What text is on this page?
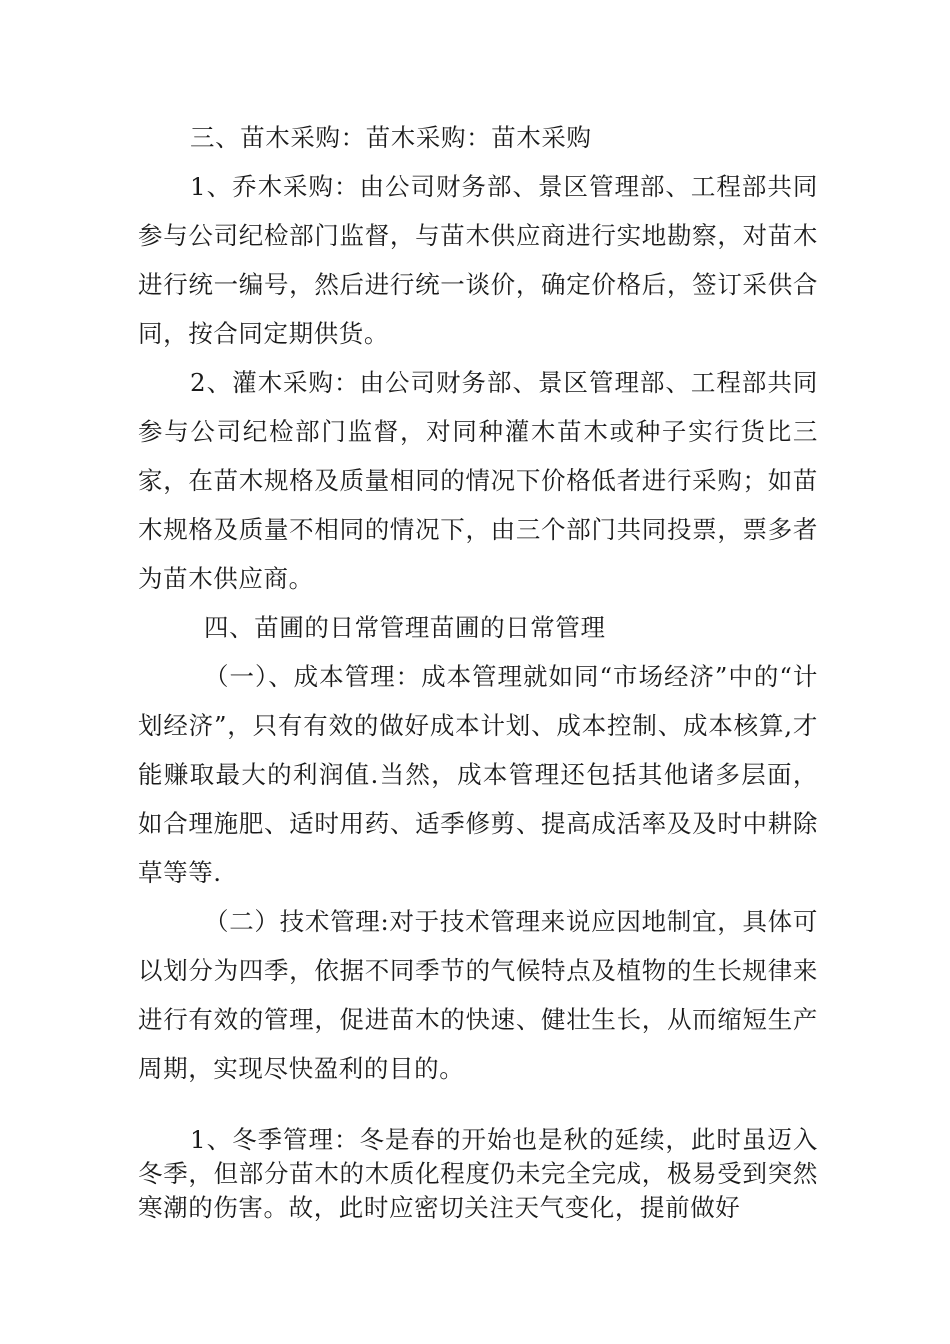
三、苗木采购：苗木采购：苗木采购

1、乔木采购：由公司财务部、景区管理部、工程部共同参与公司纪检部门监督，与苗木供应商进行实地勘察，对苗木进行统一编号，然后进行统一谈价，确定价格后，签订采供合同，按合同定期供货。

2、灌木采购：由公司财务部、景区管理部、工程部共同参与公司纪检部门监督，对同种灌木苗木或种子实行货比三家，在苗木规格及质量相同的情况下价格低者进行采购；如苗木规格及质量不相同的情况下，由三个部门共同投票，票多者为苗木供应商。

四、苗圃的日常管理苗圃的日常管理

（一）、成本管理：成本管理就如同“市场经济”中的“计划经济”，只有有效的做好成本计划、成本控制、成本核算,才能赚取最大的利润值.当然，成本管理还包括其他诸多层面，如合理施肥、适时用药、适季修剪、提高成活率及及时中耕除草等等.

（二）技术管理:对于技术管理来说应因地制宜，具体可以划分为四季，依据不同季节的气候特点及植物的生长规律来进行有效的管理，促进苗木的快速、健壮生长，从而缩短生产周期，实现尽快盈利的目的。

1、冬季管理：冬是春的开始也是秋的延续，此时虽迈入冬季，但部分苗木的木质化程度仍未完全完成，极易受到突然寒潮的伤害。故，此时应密切关注天气变化，提前做好
